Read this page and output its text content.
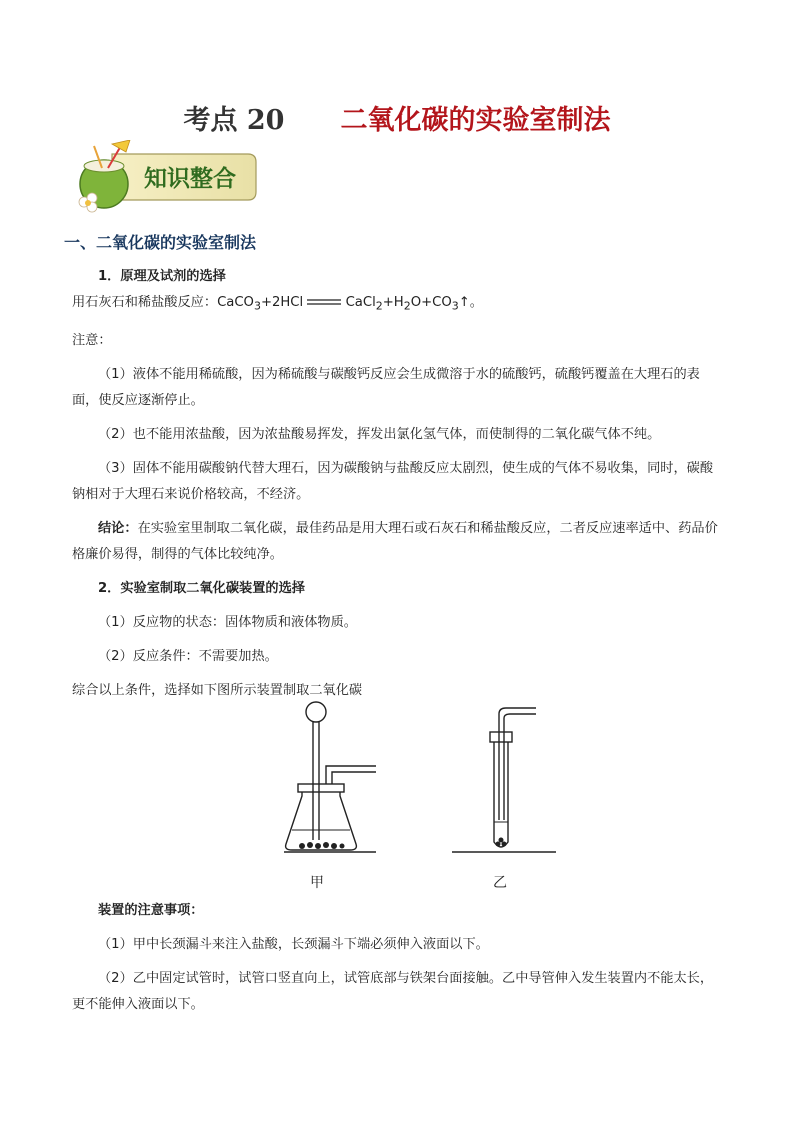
考点 20 二氧化碳的实验室制法
知识整合
一、二氧化碳的实验室制法
1．原理及试剂的选择
用石灰石和稀盐酸反应：CaCO$_3$+2HCl	$CaCl_2+H_2O+CO_3↑$。
注意：
（1）液体不能用稀硫酸，因为稀硫酸与碳酸钙反应会生成微溶于水的硫酸钙，硫酸钙覆盖在大理石的表面，使反应逐渐停止。
（2）也不能用浓盐酸，因为浓盐酸易挥发，挥发出氯化氢气体，而使制得的二氧化碳气体不纯。
（3）固体不能用碳酸钠代替大理石，因为碳酸钠与盐酸反应太剧烈，使生成的气体不易收集，同时，碳酸钠相对于大理石来说价格较高，不经济。
结论：在实验室里制取二氧化碳，最佳药品是用大理石或石灰石和稀盐酸反应，二者反应速率适中、药品价格廉价易得，制得的气体比较纯净。
2．实验室制取二氧化碳装置的选择
（1）反应物的状态：固体物质和液体物质。
（2）反应条件：不需要加热。
综合以上条件，选择如下图所示装置制取二氧化碳
甲	乙
装置的注意事项：
（1）甲中长颈漏斗来注入盐酸，长颈漏斗下端必须伸入液面以下。
（2）乙中固定试管时，试管口竖直向上，试管底部与铁架台面接触。乙中导管伸入发生装置内不能太长，更不能伸入液面以下。
